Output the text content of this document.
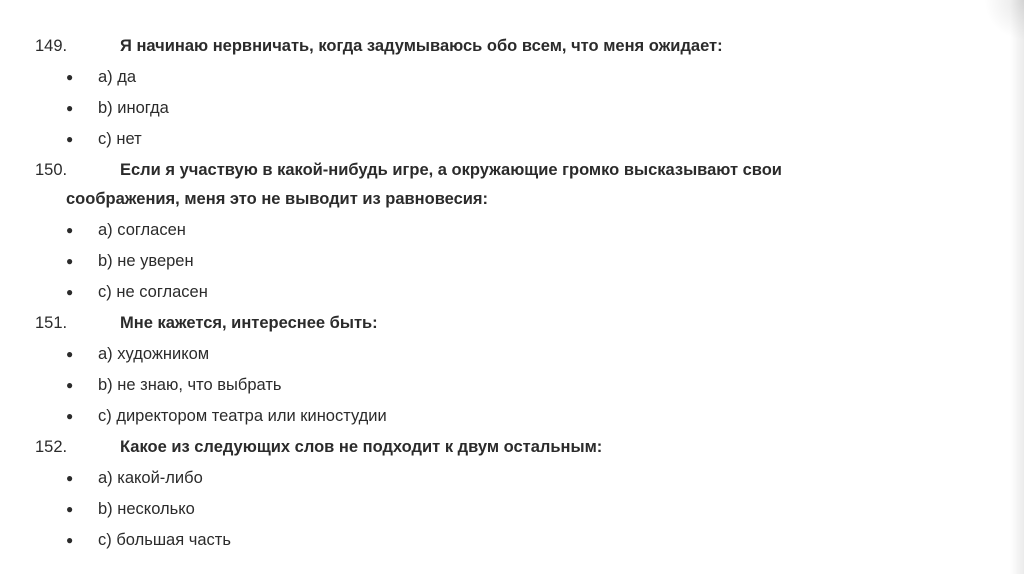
149.	Я начинаю нервничать, когда задумываюсь обо всем, что меня ожидает:
● a) да
● b) иногда
● c) нет
150.	Если я участвую в какой-нибудь игре, а окружающие громко высказывают свои
соображения, меня это не выводит из равновесия:
● a) согласен
● b) не уверен
● c) не согласен
151.	Мне кажется, интереснее быть:
● a) художником
● b) не знаю, что выбрать
● c) директором театра или киностудии
152.	Какое из следующих слов не подходит к двум остальным:
● a) какой-либо
● b) несколько
● c) большая часть
